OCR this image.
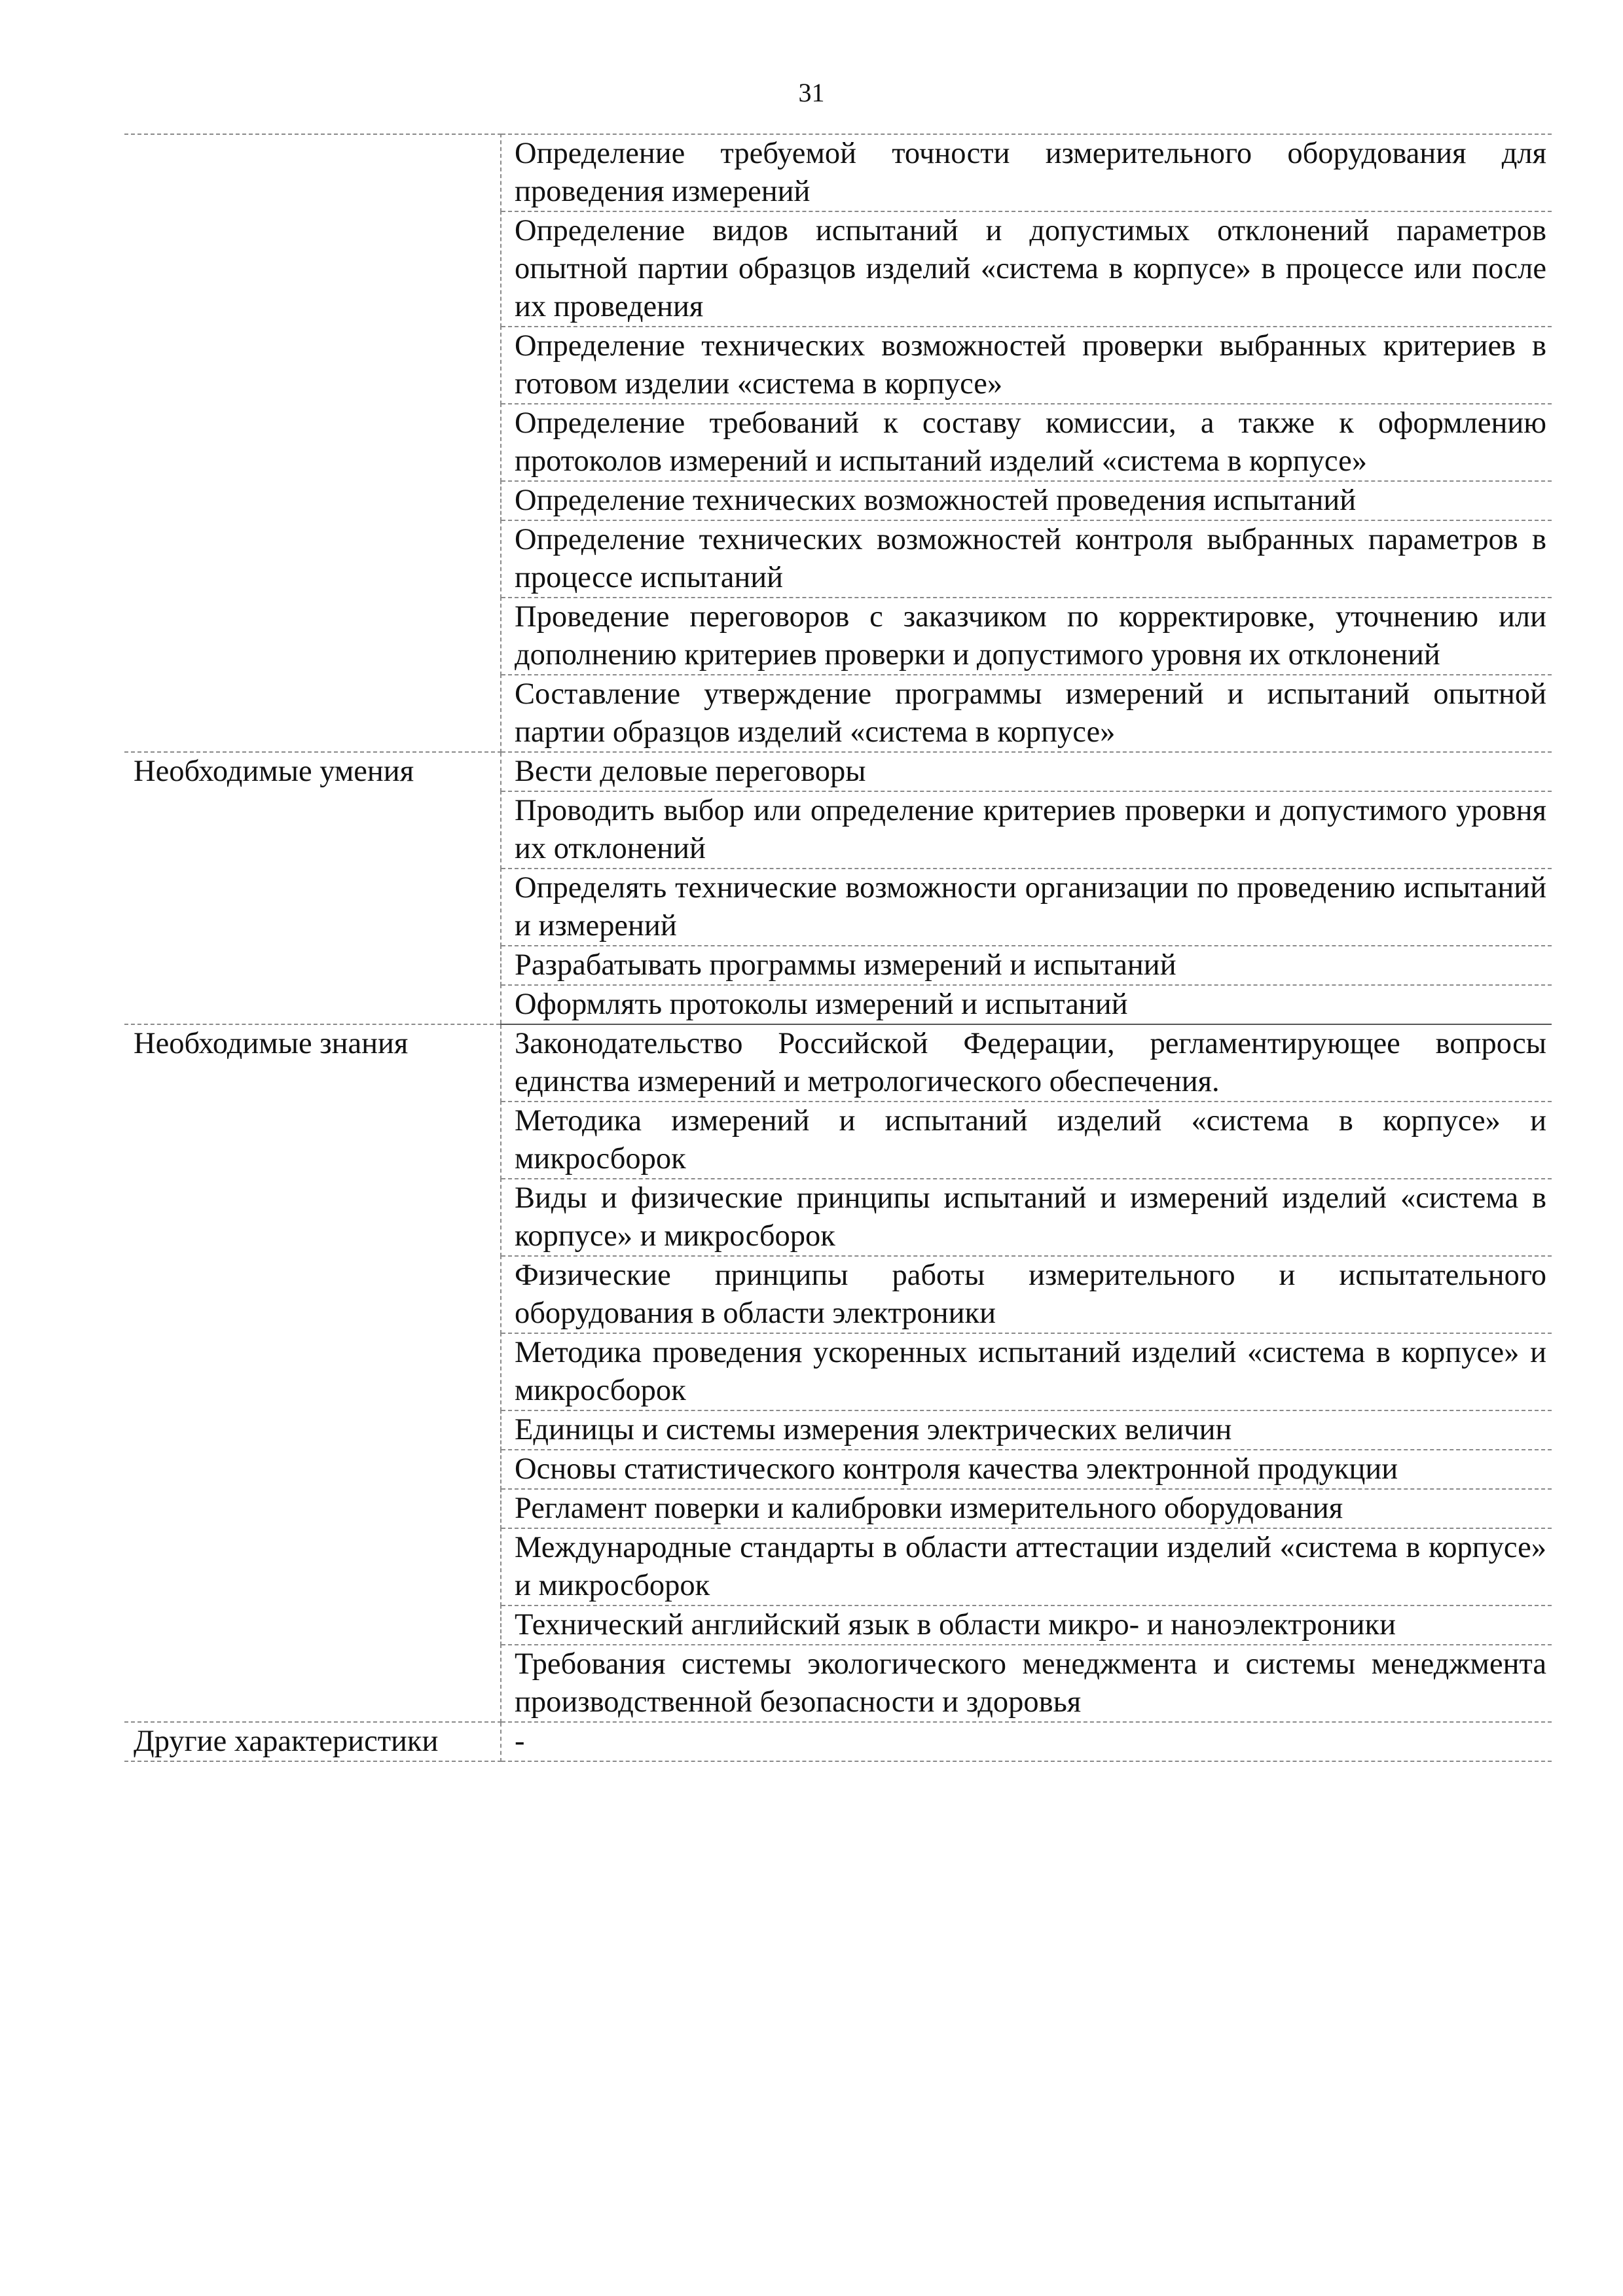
31
	Определение требуемой точности измерительного оборудования для проведения измерений
	Определение видов испытаний и допустимых отклонений параметров опытной партии образцов изделий «система в корпусе» в процессе или после их проведения
	Определение технических возможностей проверки выбранных критериев в готовом изделии «система в корпусе»
	Определение требований к составу комиссии, а также к оформлению протоколов измерений и испытаний изделий «система в корпусе»
	Определение технических возможностей проведения испытаний
	Определение технических возможностей контроля выбранных параметров в процессе испытаний
	Проведение переговоров с заказчиком по корректировке, уточнению или дополнению критериев проверки и допустимого уровня их отклонений
	Составление утверждение программы измерений и испытаний опытной партии образцов изделий «система в корпусе»
Необходимые умения	Вести деловые переговоры
	Проводить выбор или определение критериев проверки и допустимого уровня их отклонений
	Определять технические возможности организации по проведению испытаний и измерений
	Разрабатывать программы измерений и испытаний
	Оформлять протоколы измерений и испытаний
Необходимые знания	Законодательство Российской Федерации, регламентирующее вопросы единства измерений и метрологического обеспечения.
	Методика измерений и испытаний изделий «система в корпусе» и микросборок
	Виды и физические принципы испытаний и измерений изделий «система в корпусе» и микросборок
	Физические принципы работы измерительного и испытательного оборудования в области электроники
	Методика проведения ускоренных испытаний изделий «система в корпусе» и микросборок
	Единицы и системы измерения электрических величин
	Основы статистического контроля качества электронной продукции
	Регламент поверки и калибровки измерительного оборудования
	Международные стандарты в области аттестации изделий «система в корпусе» и микросборок
	Технический английский язык в области микро- и наноэлектроники
	Требования системы экологического менеджмента и системы менеджмента производственной безопасности и здоровья
Другие характеристики	-
